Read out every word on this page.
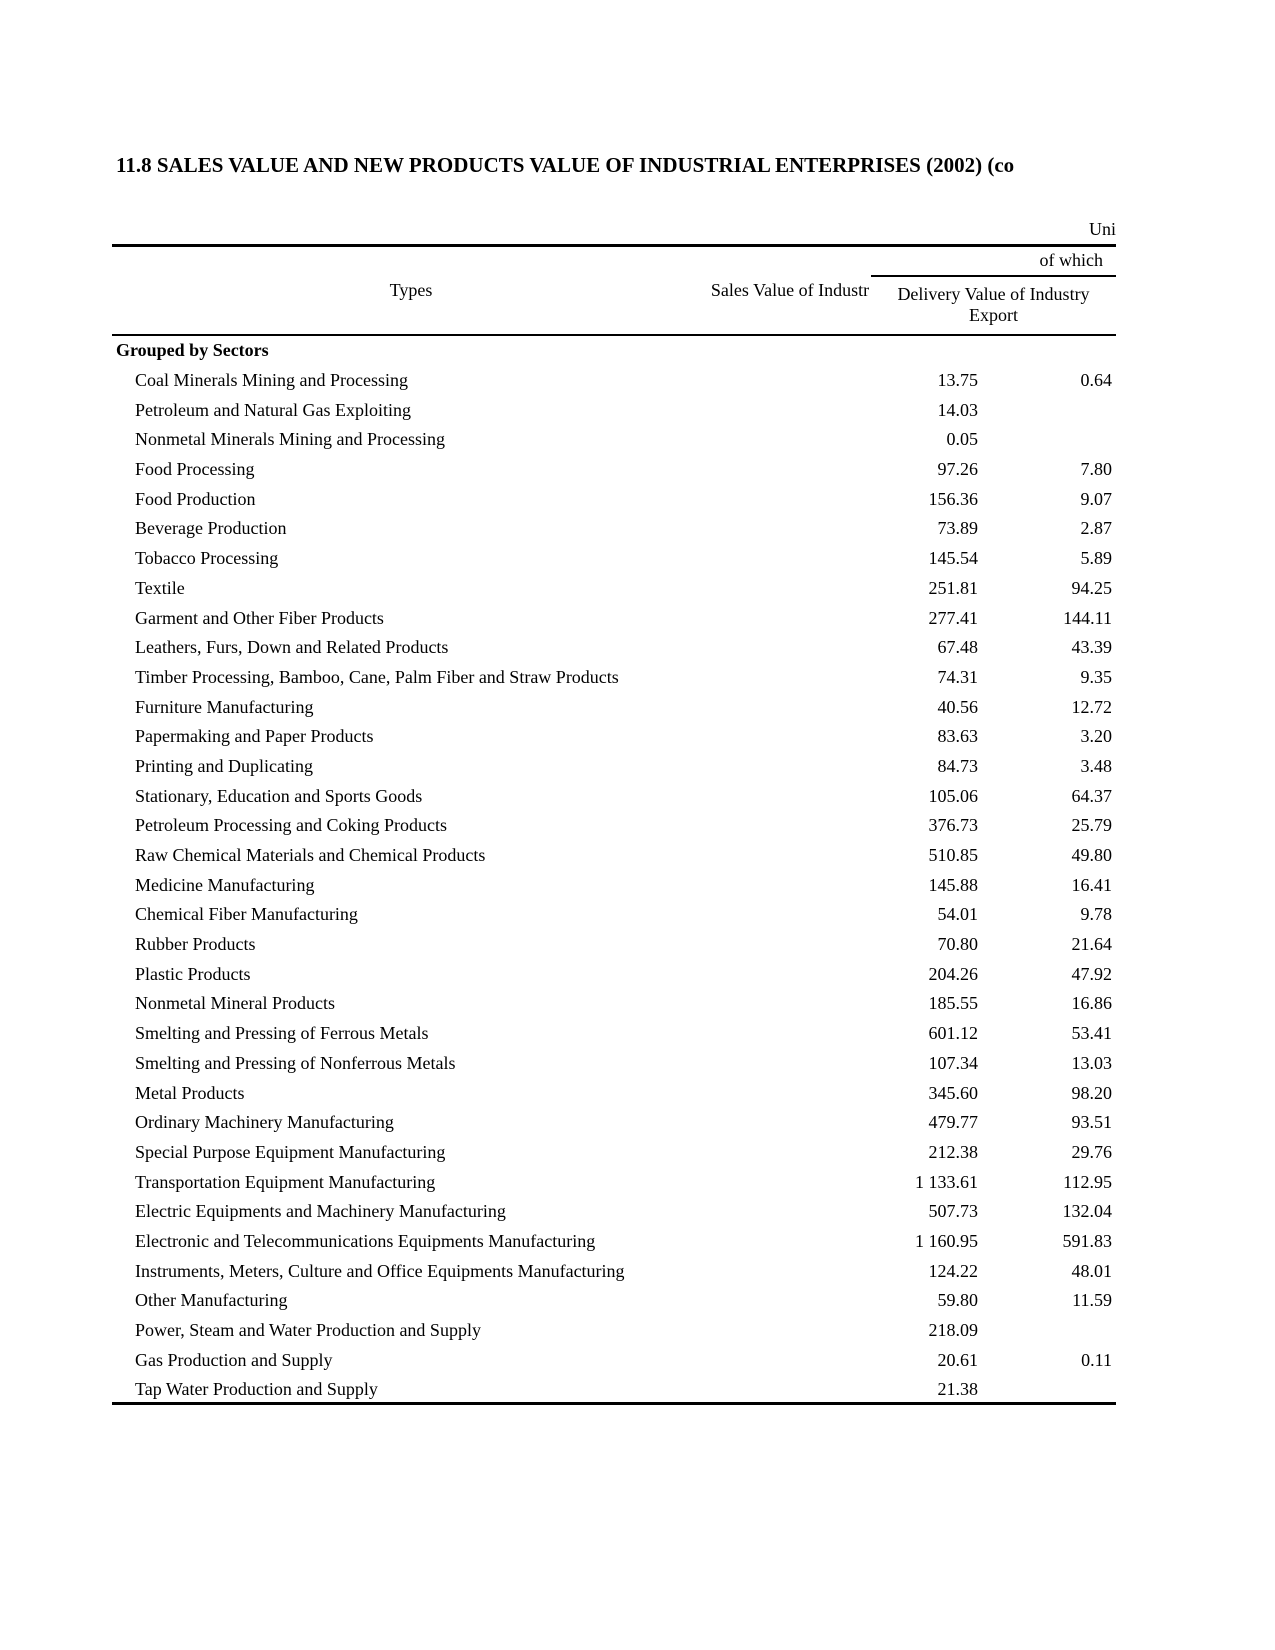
11.8 SALES VALUE AND NEW PRODUCTS VALUE OF INDUSTRIAL ENTERPRISES (2002) (co
Uni
Types	Sales Value of Industr
of which
Delivery Value of Industry Export
Grouped by Sectors
Coal Minerals Mining and Processing	13.75	0.64
Petroleum and Natural Gas Exploiting	14.03
Nonmetal Minerals Mining and Processing	0.05
Food Processing	97.26	7.80
Food Production	156.36	9.07
Beverage Production	73.89	2.87
Tobacco Processing	145.54	5.89
Textile	251.81	94.25
Garment and Other Fiber Products	277.41	144.11
Leathers, Furs, Down and Related Products	67.48	43.39
Timber Processing, Bamboo, Cane, Palm Fiber and Straw Products	74.31	9.35
Furniture Manufacturing	40.56	12.72
Papermaking and Paper Products	83.63	3.20
Printing and Duplicating	84.73	3.48
Stationary, Education and Sports Goods	105.06	64.37
Petroleum Processing and Coking Products	376.73	25.79
Raw Chemical Materials and Chemical Products	510.85	49.80
Medicine Manufacturing	145.88	16.41
Chemical Fiber Manufacturing	54.01	9.78
Rubber Products	70.80	21.64
Plastic Products	204.26	47.92
Nonmetal Mineral Products	185.55	16.86
Smelting and Pressing of Ferrous Metals	601.12	53.41
Smelting and Pressing of Nonferrous Metals	107.34	13.03
Metal Products	345.60	98.20
Ordinary Machinery Manufacturing	479.77	93.51
Special Purpose Equipment Manufacturing	212.38	29.76
Transportation Equipment Manufacturing	1 133.61	112.95
Electric Equipments and Machinery Manufacturing	507.73	132.04
Electronic and Telecommunications Equipments Manufacturing	1 160.95	591.83
Instruments, Meters, Culture and Office Equipments Manufacturing	124.22	48.01
Other Manufacturing	59.80	11.59
Power, Steam and Water Production and Supply	218.09
Gas Production and Supply	20.61	0.11
Tap Water Production and Supply	21.38
